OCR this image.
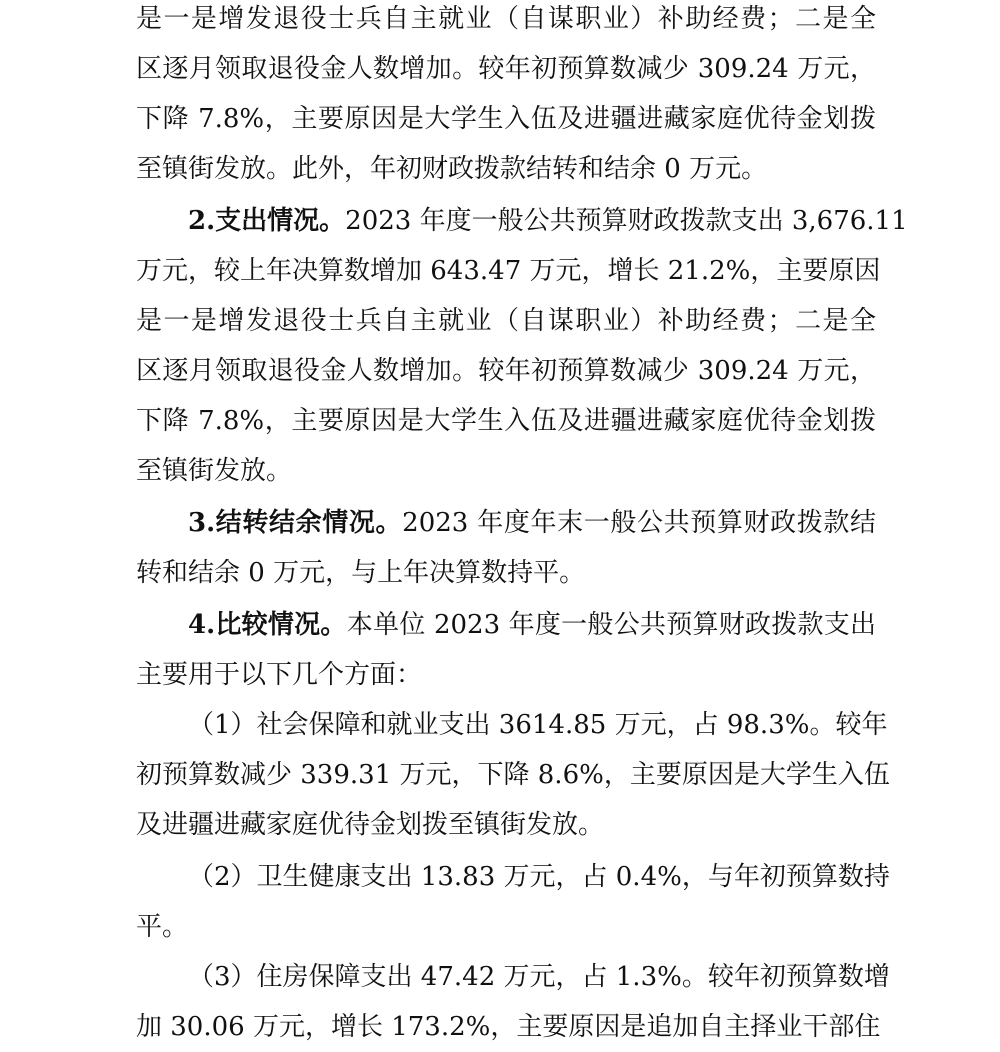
是一是增发退役士兵自主就业（自谋职业）补助经费；二是全
区逐月领取退役金人数增加。较年初预算数减少 309.24 万元，
下降 7.8%，主要原因是大学生入伍及进疆进藏家庭优待金划拨
至镇街发放。此外，年初财政拨款结转和结余 0 万元。
2.支出情况。2023 年度一般公共预算财政拨款支出 3,676.11
万元，较上年决算数增加 643.47 万元，增长 21.2%，主要原因
是一是增发退役士兵自主就业（自谋职业）补助经费；二是全
区逐月领取退役金人数增加。较年初预算数减少 309.24 万元，
下降 7.8%，主要原因是大学生入伍及进疆进藏家庭优待金划拨
至镇街发放。
3.结转结余情况。2023 年度年末一般公共预算财政拨款结
转和结余 0 万元，与上年决算数持平。
4.比较情况。本单位 2023 年度一般公共预算财政拨款支出
主要用于以下几个方面：
（1）社会保障和就业支出 3614.85 万元，占 98.3%。较年
初预算数减少 339.31 万元，下降 8.6%，主要原因是大学生入伍
及进疆进藏家庭优待金划拨至镇街发放。
（2）卫生健康支出 13.83 万元，占 0.4%，与年初预算数持
平。
（3）住房保障支出 47.42 万元，占 1.3%。较年初预算数增
加 30.06 万元，增长 173.2%，主要原因是追加自主择业干部住
